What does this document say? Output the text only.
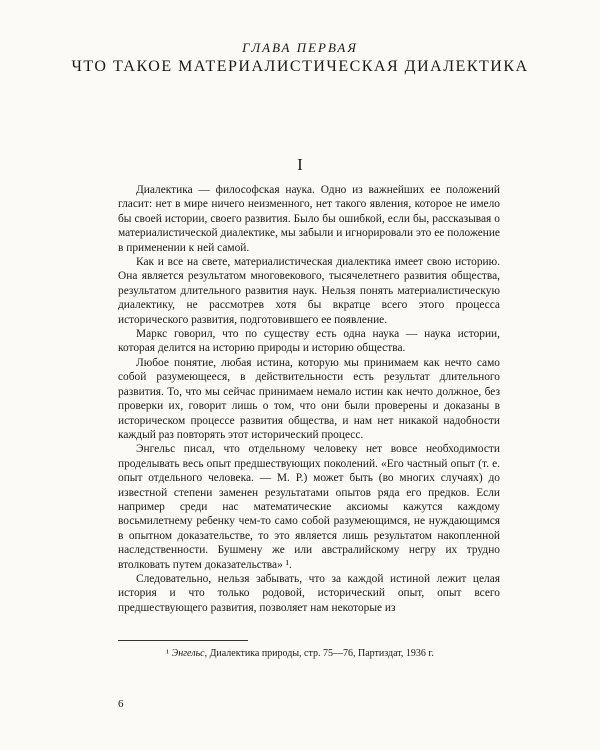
ГЛАВА ПЕРВАЯ
ЧТО ТАКОЕ МАТЕРИАЛИСТИЧЕСКАЯ ДИАЛЕКТИКА
I

Диалектика — философская наука. Одно из важнейших ее положений гласит: нет в мире ничего неизменного, нет такого явления, которое не имело бы своей истории, своего развития. Было бы ошибкой, если бы, рассказывая о материалистической диалектике, мы забыли и игнорировали это ее положение в применении к ней самой.

Как и все на свете, материалистическая диалектика имеет свою историю. Она является результатом многовекового, тысячелетнего развития общества, результатом длительного развития наук. Нельзя понять материалистическую диалектику, не рассмотрев хотя бы вкратце всего этого процесса исторического развития, подготовившего ее появление.

Маркс говорил, что по существу есть одна наука — наука истории, которая делится на историю природы и историю общества.

Любое понятие, любая истина, которую мы принимаем как нечто само собой разумеющееся, в действительности есть результат длительного развития. То, что мы сейчас принимаем немало истин как нечто должное, без проверки их, говорит лишь о том, что они были проверены и доказаны в историческом процессе развития общества, и нам нет никакой надобности каждый раз повторять этот исторический процесс.

Энгельс писал, что отдельному человеку нет вовсе необходимости проделывать весь опыт предшествующих поколений. «Его частный опыт (т. е. опыт отдельного человека. — М. Р.) может быть (во многих случаях) до известной степени заменен результатами опытов ряда его предков. Если например среди нас математические аксиомы кажутся каждому восьмилетнему ребенку чем-то само собой разумеющимся, не нуждающимся в опытном доказательстве, то это является лишь результатом накопленной наследственности. Бушмену же или австралийскому негру их трудно втолковать путем доказательства» ¹.

Следовательно, нельзя забывать, что за каждой истиной лежит целая история и что только родовой, исторический опыт, опыт всего предшествующего развития, позволяет нам некоторые из

¹ Энгельс, Диалектика природы, стр. 75—76, Партиздат, 1936 г.
6
